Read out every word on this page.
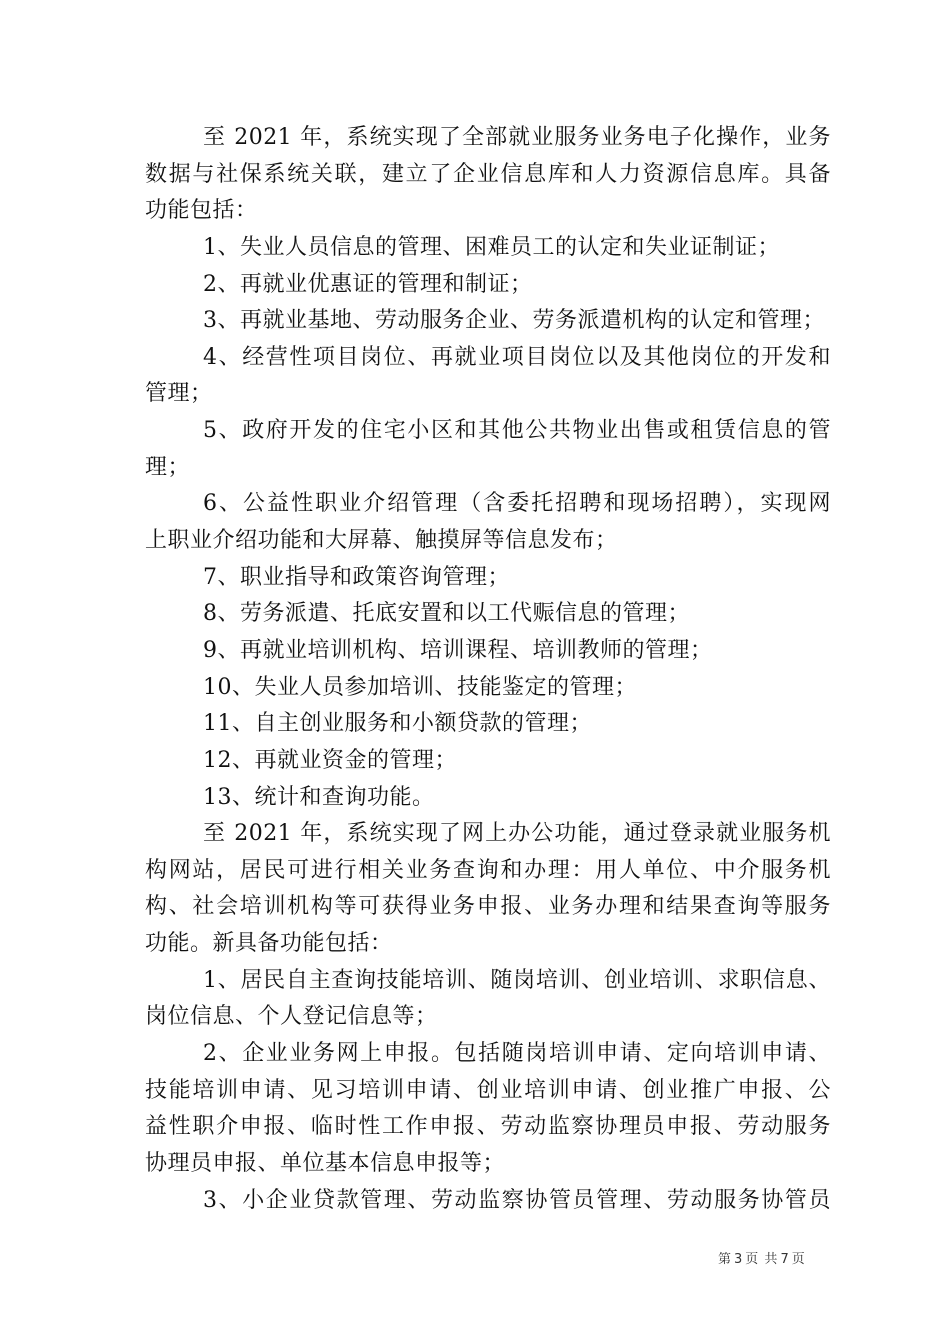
至 2021 年，系统实现了全部就业服务业务电子化操作，业务
数据与社保系统关联，建立了企业信息库和人力资源信息库。具备
功能包括：
1、失业人员信息的管理、困难员工的认定和失业证制证；
2、再就业优惠证的管理和制证；
3、再就业基地、劳动服务企业、劳务派遣机构的认定和管理；
4、经营性项目岗位、再就业项目岗位以及其他岗位的开发和
管理；
5、政府开发的住宅小区和其他公共物业出售或租赁信息的管
理；
6、公益性职业介绍管理（含委托招聘和现场招聘），实现网
上职业介绍功能和大屏幕、触摸屏等信息发布；
7、职业指导和政策咨询管理；
8、劳务派遣、托底安置和以工代赈信息的管理；
9、再就业培训机构、培训课程、培训教师的管理；
10、失业人员参加培训、技能鉴定的管理；
11、自主创业服务和小额贷款的管理；
12、再就业资金的管理；
13、统计和查询功能。
至 2021 年，系统实现了网上办公功能，通过登录就业服务机
构网站，居民可进行相关业务查询和办理：用人单位、中介服务机
构、社会培训机构等可获得业务申报、业务办理和结果查询等服务
功能。新具备功能包括：
1、居民自主查询技能培训、随岗培训、创业培训、求职信息、
岗位信息、个人登记信息等；
2、企业业务网上申报。包括随岗培训申请、定向培训申请、
技能培训申请、见习培训申请、创业培训申请、创业推广申报、公
益性职介申报、临时性工作申报、劳动监察协理员申报、劳动服务
协理员申报、单位基本信息申报等；
3、小企业贷款管理、劳动监察协管员管理、劳动服务协管员
第 3 页 共 7 页
